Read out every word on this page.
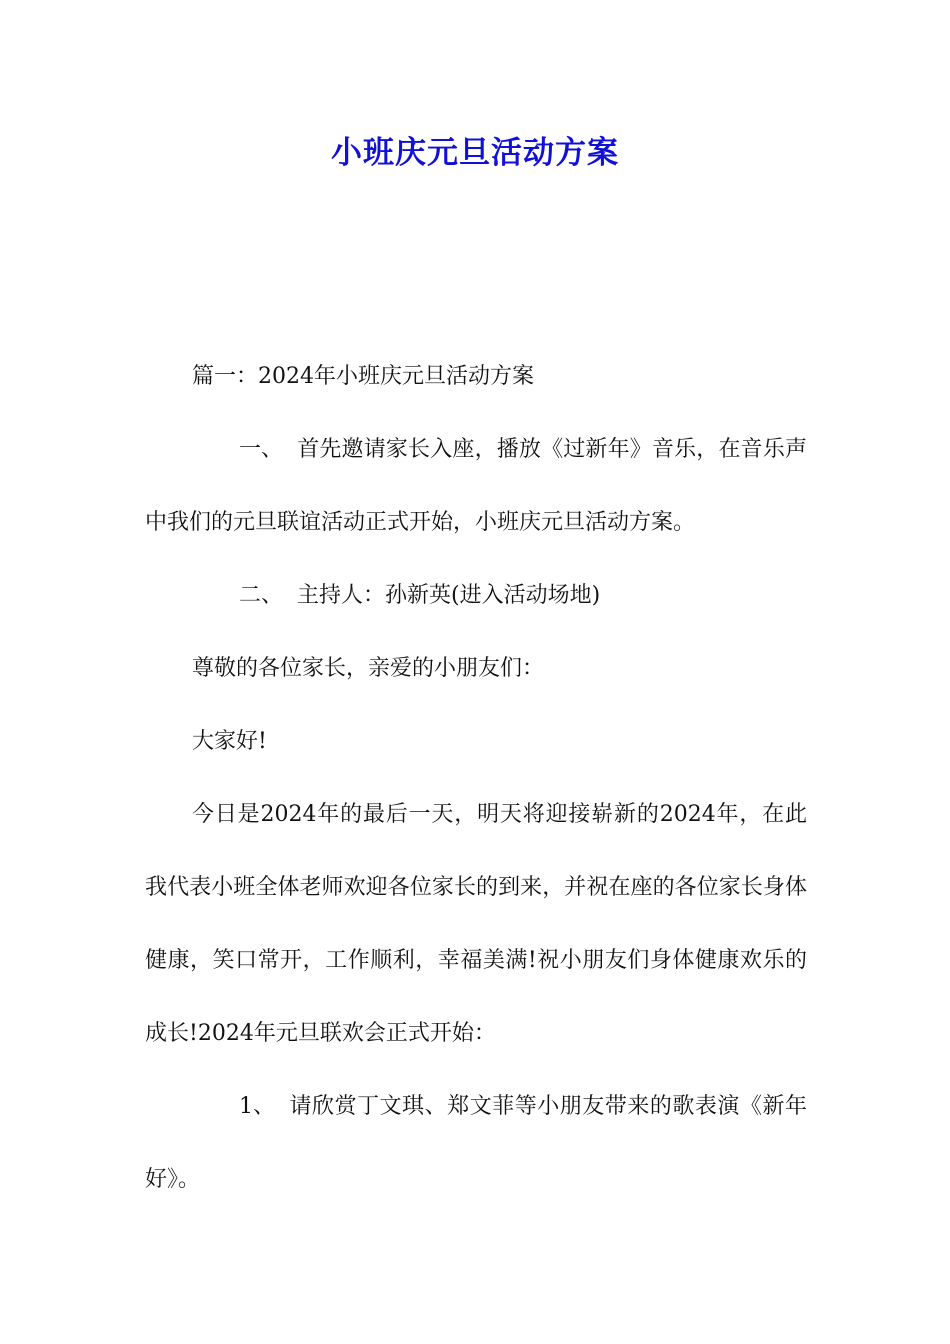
小班庆元旦活动方案

篇一：2024年小班庆元旦活动方案

一、 首先邀请家长入座，播放《过新年》音乐，在音乐声中我们的元旦联谊活动正式开始，小班庆元旦活动方案。

二、 主持人：孙新英(进入活动场地)

尊敬的各位家长，亲爱的小朋友们：

大家好!

今日是2024年的最后一天，明天将迎接崭新的2024年，在此我代表小班全体老师欢迎各位家长的到来，并祝在座的各位家长身体健康，笑口常开，工作顺利，幸福美满!祝小朋友们身体健康欢乐的成长!2024年元旦联欢会正式开始：

1、 请欣赏丁文琪、郑文菲等小朋友带来的歌表演《新年好》。
